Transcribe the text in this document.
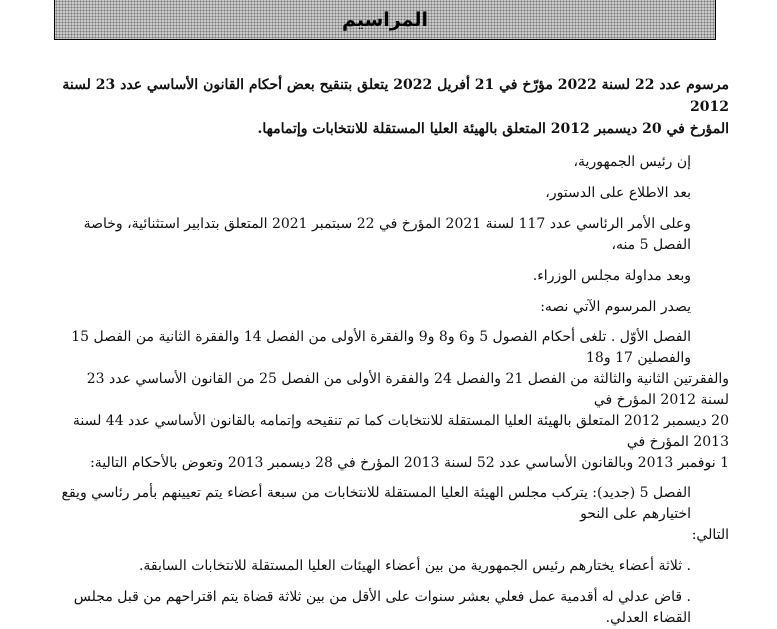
المراسيم

مرسوم عدد 22 لسنة 2022 مؤرّخ في 21 أفريل 2022 يتعلق بتنقيح بعض أحكام القانون الأساسي عدد 23 لسنة 2012

المؤرخ في 20 ديسمبر 2012 المتعلق بالهيئة العليا المستقلة للانتخابات وإتمامها.

إن رئيس الجمهورية،

بعد الاطلاع على الدستور،

وعلى الأمر الرئاسي عدد 117 لسنة 2021 المؤرخ في 22 سبتمبر 2021 المتعلق بتدابير استثنائية، وخاصة الفصل 5 منه،

وبعد مداولة مجلس الوزراء.

يصدر المرسوم الآتي نصه:

الفصل الأوّل . تلغى أحكام الفصول 5 و6 و8 و9 والفقرة الأولى من الفصل 14 والفقرة الثانية من الفصل 15 والفصلين 17 و18

والفقرتين الثانية والثالثة من الفصل 21 والفصل 24 والفقرة الأولى من الفصل 25 من القانون الأساسي عدد 23 لسنة 2012 المؤرخ في

20 ديسمبر 2012 المتعلق بالهيئة العليا المستقلة للانتخابات كما تم تنقيحه وإتمامه بالقانون الأساسي عدد 44 لسنة 2013 المؤرخ في

1 نوفمبر 2013 وبالقانون الأساسي عدد 52 لسنة 2013 المؤرخ في 28 ديسمبر 2013 وتعوض بالأحكام التالية:

الفصل 5 (جديد): يتركب مجلس الهيئة العليا المستقلة للانتخابات من سبعة أعضاء يتم تعيينهم بأمر رئاسي ويقع اختيارهم على النحو

التالي:

. ثلاثة أعضاء يختارهم رئيس الجمهورية من بين أعضاء الهيئات العليا المستقلة للانتخابات السابقة.

. قاض عدلي له أقدمية عمل فعلي بعشر سنوات على الأقل من بين ثلاثة قضاة يتم اقتراحهم من قبل مجلس القضاء العدلي.
